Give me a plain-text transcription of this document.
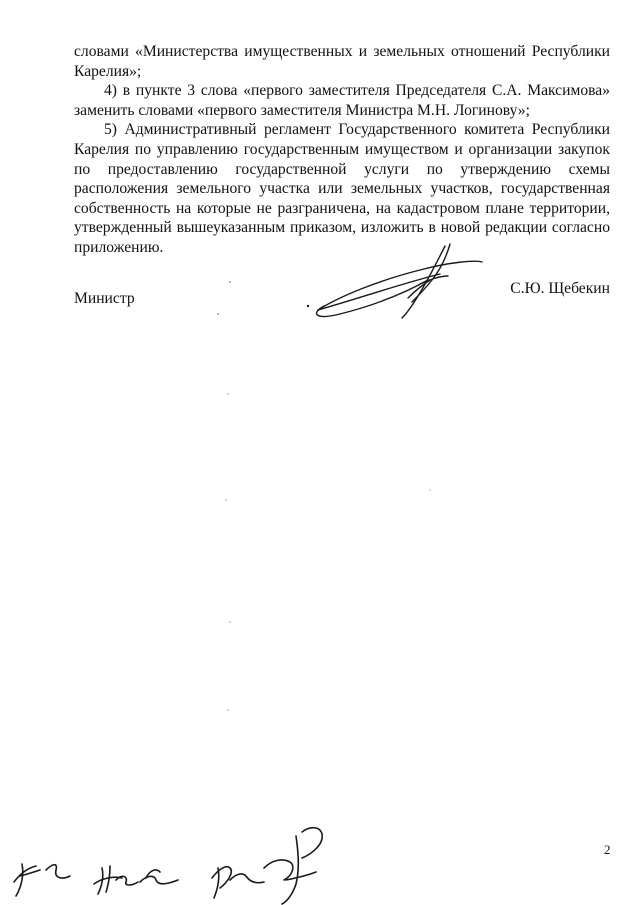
словами «Министерства имущественных и земельных отношений Республики Карелия»;

4) в пункте 3 слова «первого заместителя Председателя С.А. Максимова» заменить словами «первого заместителя Министра М.Н. Логинову»;

5) Административный регламент Государственного комитета Республики Карелия по управлению государственным имуществом и организации закупок по предоставлению государственной услуги по утверждению схемы расположения земельного участка или земельных участков, государственная собственность на которые не разграничена, на кадастровом плане территории, утвержденный вышеуказанным приказом, изложить в новой редакции согласно приложению.

Министр
С.Ю. Щебекин
2
